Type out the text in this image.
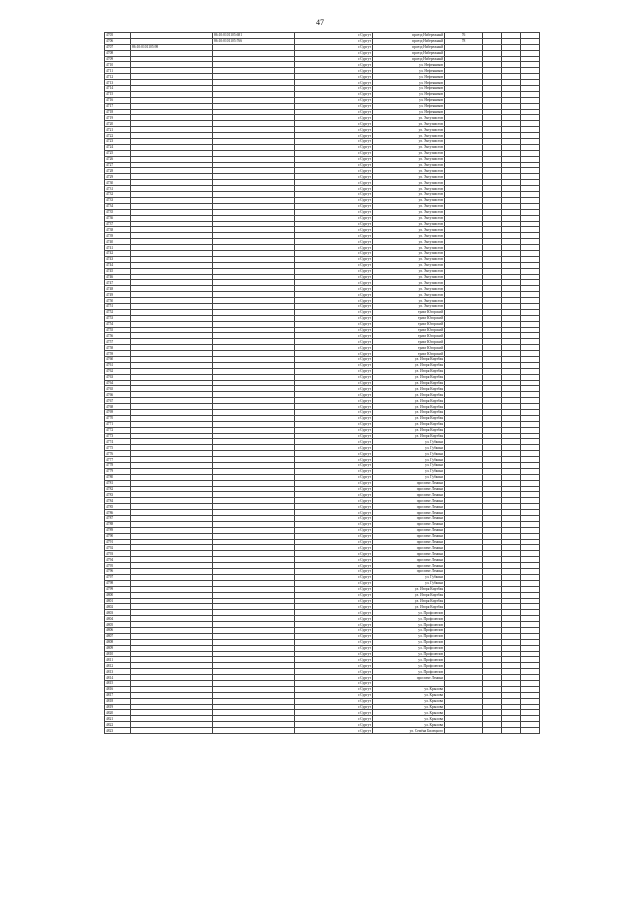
47
4705		86:10:0101105:681	г.Сургут	проезд Набережный	76			
4706		86:10:0101105:766	г.Сургут	проезд Набережный	78			
4707	86:10:0101105:98		г.Сургут	проезд Набережный				
4708			г.Сургут	проезд Набережный				
4709			г.Сургут	проезд Набережный				
4710			г.Сургут	ул. Нефтяников				
4711			г.Сургут	ул. Нефтяников				
4712			г.Сургут	ул. Нефтяников				
4713			г.Сургут	ул. Нефтяников				
4714			г.Сургут	ул. Нефтяников				
4715			г.Сургут	ул. Нефтяников				
4716			г.Сургут	ул. Нефтяников				
4717			г.Сургут	ул. Нефтяников				
4718			г.Сургут	ул. Нефтяников				
4719			г.Сургут	ул. Энтузиастов				
4720			г.Сургут	ул. Энтузиастов				
4721			г.Сургут	ул. Энтузиастов				
4722			г.Сургут	ул. Энтузиастов				
4723			г.Сургут	ул. Энтузиастов				
4724			г.Сургут	ул. Энтузиастов				
4725			г.Сургут	ул. Энтузиастов				
4726			г.Сургут	ул. Энтузиастов				
4727			г.Сургут	ул. Энтузиастов				
4728			г.Сургут	ул. Энтузиастов				
4729			г.Сургут	ул. Энтузиастов				
4730			г.Сургут	ул. Энтузиастов				
4731			г.Сургут	ул. Энтузиастов				
4732			г.Сургут	ул. Энтузиастов				
4733			г.Сургут	ул. Энтузиастов				
4734			г.Сургут	ул. Энтузиастов				
4735			г.Сургут	ул. Энтузиастов				
4736			г.Сургут	ул. Энтузиастов				
4737			г.Сургут	ул. Энтузиастов				
4738			г.Сургут	ул. Энтузиастов				
4739			г.Сургут	ул. Энтузиастов				
4740			г.Сургут	ул. Энтузиастов				
4741			г.Сургут	ул. Энтузиастов				
4742			г.Сургут	ул. Энтузиастов				
4743			г.Сургут	ул. Энтузиастов				
4744			г.Сургут	ул. Энтузиастов				
4745			г.Сургут	ул. Энтузиастов				
4746			г.Сургут	ул. Энтузиастов				
4747			г.Сургут	ул. Энтузиастов				
4748			г.Сургут	ул. Энтузиастов				
4749			г.Сургут	ул. Энтузиастов				
4750			г.Сургут	ул. Энтузиастов				
4751			г.Сургут	ул. Энтузиастов				
4752			г.Сургут	тракт Югорский				
4753			г.Сургут	тракт Югорский				
4754			г.Сургут	тракт Югорский				
4755			г.Сургут	тракт Югорский				
4756			г.Сургут	тракт Югорский				
4757			г.Сургут	тракт Югорский				
4758			г.Сургут	тракт Югорский				
4759			г.Сургут	тракт Югорский				
4760			г.Сургут	ул. Игоря Киртбая				
4761			г.Сургут	ул. Игоря Киртбая				
4762			г.Сургут	ул. Игоря Киртбая				
4763			г.Сургут	ул. Игоря Киртбая				
4764			г.Сургут	ул. Игоря Киртбая				
4765			г.Сургут	ул. Игоря Киртбая				
4766			г.Сургут	ул. Игоря Киртбая				
4767			г.Сургут	ул. Игоря Киртбая				
4768			г.Сургут	ул. Игоря Киртбая				
4769			г.Сургут	ул. Игоря Киртбая				
4770			г.Сургут	ул. Игоря Киртбая				
4771			г.Сургут	ул. Игоря Киртбая				
4772			г.Сургут	ул. Игоря Киртбая				
4773			г.Сургут	ул. Игоря Киртбая				
4774			г.Сургут	ул. Губкина				
4775			г.Сургут	ул. Губкина				
4776			г.Сургут	ул. Губкина				
4777			г.Сургут	ул. Губкина				
4778			г.Сургут	ул. Губкина				
4779			г.Сургут	ул. Губкина				
4780			г.Сургут	ул. Губкина				
4781			г.Сургут	проспект Ленина				
4782			г.Сургут	проспект Ленина				
4783			г.Сургут	проспект Ленина				
4784			г.Сургут	проспект Ленина				
4785			г.Сургут	проспект Ленина				
4786			г.Сургут	проспект Ленина				
4787			г.Сургут	проспект Ленина				
4788			г.Сургут	проспект Ленина				
4789			г.Сургут	проспект Ленина				
4790			г.Сургут	проспект Ленина				
4791			г.Сургут	проспект Ленина				
4792			г.Сургут	проспект Ленина				
4793			г.Сургут	проспект Ленина				
4794			г.Сургут	проспект Ленина				
4795			г.Сургут	проспект Ленина				
4796			г.Сургут	проспект Ленина				
4797			г.Сургут	ул. Губкина				
4798			г.Сургут	ул. Губкина				
4799			г.Сургут	ул. Игоря Киртбая				
4800			г.Сургут	ул. Игоря Киртбая				
4801			г.Сургут	ул. Игоря Киртбая				
4802			г.Сургут	ул. Игоря Киртбая				
4803			г.Сургут	ул. Профсоюзов				
4804			г.Сургут	ул. Профсоюзов				
4805			г.Сургут	ул. Профсоюзов				
4806			г.Сургут	ул. Профсоюзов				
4807			г.Сургут	ул. Профсоюзов				
4808			г.Сургут	ул. Профсоюзов				
4809			г.Сургут	ул. Профсоюзов				
4810			г.Сургут	ул. Профсоюзов				
4811			г.Сургут	ул. Профсоюзов				
4812			г.Сургут	ул. Профсоюзов				
4813			г.Сургут	ул. Профсоюзов				
4814			г.Сургут	проспект Ленина				
4815			г.Сургут					
4816			г.Сургут	ул. Крылова				
4817			г.Сургут	ул. Крылова				
4818			г.Сургут	ул. Крылова				
4819			г.Сургут	ул. Крылова				
4820			г.Сургут	ул. Крылова				
4821			г.Сургут	ул. Крылова				
4822			г.Сургут	ул. Крылова				
4823			г.Сургут	ул. Семёна Билецкого				
